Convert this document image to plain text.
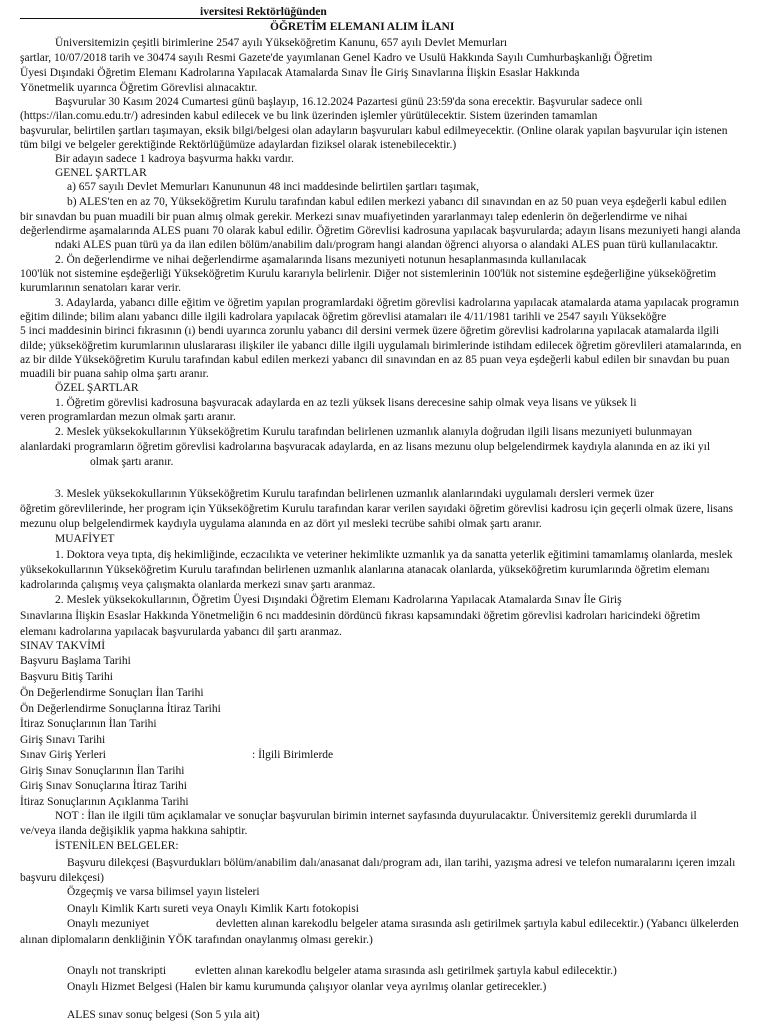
iversitesi Rektörlüğünden
ÖĞRETİM ELEMANI ALIM İLANI
Üniversitemizin çeşitli birimlerine 2547 ayılı Yükseköğretim Kanunu, 657 ayılı Devlet Memurları
şartlar, 10/07/2018 tarih ve 30474 sayılı Resmi Gazete'de yayımlanan Genel Kadro ve Usulü Hakkında Sayılı Cumhurbaşkanlığı Öğretim
Üyesi Dışındaki Öğretim Elemanı Kadrolarına Yapılacak Atamalarda Sınav İle Giriş Sınavlarına İlişkin Esaslar Hakkında
Yönetmelik uyarınca Öğretim Görevlisi alınacaktır.
Başvurular 30 Kasım 2024 Cumartesi günü başlayıp, 16.12.2024 Pazartesi günü 23:59'da sona erecektir. Başvurular sadece onli
(https://ilan.comu.edu.tr/) adresinden kabul edilecek ve bu link üzerinden işlemler yürütülecektir. Sistem üzerinden tamamlan
başvurular, belirtilen şartları taşımayan, eksik bilgi/belgesi olan adayların başvuruları kabul edilmeyecektir. (Online olarak yapılan başvurular için istenen
tüm bilgi ve belgeler gerektiğinde Rektörlüğümüze adaylardan fiziksel olarak istenebilecektir.)
Bir adayın sadece 1 kadroya başvurma hakkı vardır.
GENEL ŞARTLAR
a) 657 sayılı Devlet Memurları Kanununun 48 inci maddesinde belirtilen şartları taşımak,
b) ALES'ten en az 70, Yükseköğretim Kurulu tarafından kabul edilen merkezi yabancı dil sınavından en az 50 puan veya eşdeğerli kabul edilen
bir sınavdan bu puan muadili bir puan almış olmak gerekir. Merkezi sınav muafiyetinden yararlanmayı talep edenlerin ön değerlendirme ve nihai
değerlendirme aşamalarında ALES puanı 70 olarak kabul edilir. Öğretim Görevlisi kadrosuna yapılacak başvurularda; adayın lisans mezuniyeti hangi alanda
ndaki ALES puan türü ya da ilan edilen bölüm/anabilim dalı/program hangi alandan öğrenci alıyorsa o alandaki ALES puan türü kullanılacaktır.
2. Ön değerlendirme ve nihai değerlendirme aşamalarında lisans mezuniyeti notunun hesaplanmasında kullanılacak
100'lük not sistemine eşdeğerliği Yükseköğretim Kurulu kararıyla belirlenir. Diğer not sistemlerinin 100'lük not sistemine eşdeğerliğine yükseköğretim
kurumlarının senatoları karar verir.
3. Adaylarda, yabancı dille eğitim ve öğretim yapılan programlardaki öğretim görevlisi kadrolarına yapılacak atamalarda atama yapılacak programın
eğitim dilinde; bilim alanı yabancı dille ilgili kadrolara yapılacak öğretim görevlisi atamaları ile 4/11/1981 tarihli ve 2547 sayılı Yükseköğre
5 inci maddesinin birinci fıkrasının (ı) bendi uyarınca zorunlu yabancı dil dersini vermek üzere öğretim görevlisi kadrolarına yapılacak atamalarda ilgili
dilde; yükseköğretim kurumlarının uluslararası ilişkiler ile yabancı dille ilgili uygulamalı birimlerinde istihdam edilecek öğretim görevlileri atamalarında, en
az bir dilde Yükseköğretim Kurulu tarafından kabul edilen merkezi yabancı dil sınavından en az 85 puan veya eşdeğerli kabul edilen bir sınavdan bu puan
muadili bir puana sahip olma şartı aranır.
ÖZEL ŞARTLAR
1. Öğretim görevlisi kadrosuna başvuracak adaylarda en az tezli yüksek lisans derecesine sahip olmak veya lisans ve yüksek li
veren programlardan mezun olmak şartı aranır.
2. Meslek yüksekokullarının Yükseköğretim Kurulu tarafından belirlenen uzmanlık alanıyla doğrudan ilgili lisans mezuniyeti bulunmayan
alanlardaki programların öğretim görevlisi kadrolarına başvuracak adaylarda, en az lisans mezunu olup belgelendirmek kaydıyla alanında en az iki yıl
olmak şartı aranır.
3. Meslek yüksekokullarının Yükseköğretim Kurulu tarafından belirlenen uzmanlık alanlarındaki uygulamalı dersleri vermek üzer
öğretim görevlilerinde, her program için Yükseköğretim Kurulu tarafından karar verilen sayıdaki öğretim görevlisi kadrosu için geçerli olmak üzere, lisans
mezunu olup belgelendirmek kaydıyla uygulama alanında en az dört yıl mesleki tecrübe sahibi olmak şartı aranır.
MUAFİYET
1. Doktora veya tıpta, diş hekimliğinde, eczacılıkta ve veteriner hekimlikte uzmanlık ya da sanatta yeterlik eğitimini tamamlamış olanlarda, meslek
yüksekokullarının Yükseköğretim Kurulu tarafından belirlenen uzmanlık alanlarına atanacak olanlarda, yükseköğretim kurumlarında öğretim elemanı
kadrolarında çalışmış veya çalışmakta olanlarda merkezi sınav şartı aranmaz.
2. Meslek yüksekokullarının, Öğretim Üyesi Dışındaki Öğretim Elemanı Kadrolarına Yapılacak Atamalarda Sınav İle Giriş
Sınavlarına İlişkin Esaslar Hakkında Yönetmeliğin 6 ncı maddesinin dördüncü fıkrası kapsamındaki öğretim görevlisi kadroları haricindeki öğretim
elemanı kadrolarına yapılacak başvurularda yabancı dil şartı aranmaz.
SINAV TAKVİMİ
Başvuru Başlama Tarihi
Başvuru Bitiş Tarihi
Ön Değerlendirme Sonuçları İlan Tarihi
Ön Değerlendirme Sonuçlarına İtiraz Tarihi
İtiraz Sonuçlarının İlan Tarihi
Giriş Sınavı Tarihi
Sınav Giriş Yerleri	: İlgili Birimlerde
Giriş Sınav Sonuçlarının İlan Tarihi
Giriş Sınav Sonuçlarına İtiraz Tarihi
İtiraz Sonuçlarının Açıklanma Tarihi
NOT : İlan ile ilgili tüm açıklamalar ve sonuçlar başvurulan birimin internet sayfasında duyurulacaktır. Üniversitemiz gerekli durumlarda il
ve/veya ilanda değişiklik yapma hakkına sahiptir.
İSTENİLEN BELGELER:
Başvuru dilekçesi (Başvurdukları bölüm/anabilim dalı/anasanat dalı/program adı, ilan tarihi, yazışma adresi ve telefon numaralarını içeren imzalı
başvuru dilekçesi)
Özgeçmiş ve varsa bilimsel yayın listeleri
Onaylı Kimlik Kartı sureti veya Onaylı Kimlik Kartı fotokopisi
Onaylı mezuniyet	devletten alınan karekodlu belgeler atama sırasında aslı getirilmek şartıyla kabul edilecektir.) (Yabancı ülkelerden
alınan diplomaların denkliğinin YÖK tarafından onaylanmış olması gerekir.)
Onaylı not transkripti	evletten alınan karekodlu belgeler atama sırasında aslı getirilmek şartıyla kabul edilecektir.)
Onaylı Hizmet Belgesi (Halen bir kamu kurumunda çalışıyor olanlar veya ayrılmış olanlar getirecekler.)
ALES sınav sonuç belgesi (Son 5 yıla ait)
